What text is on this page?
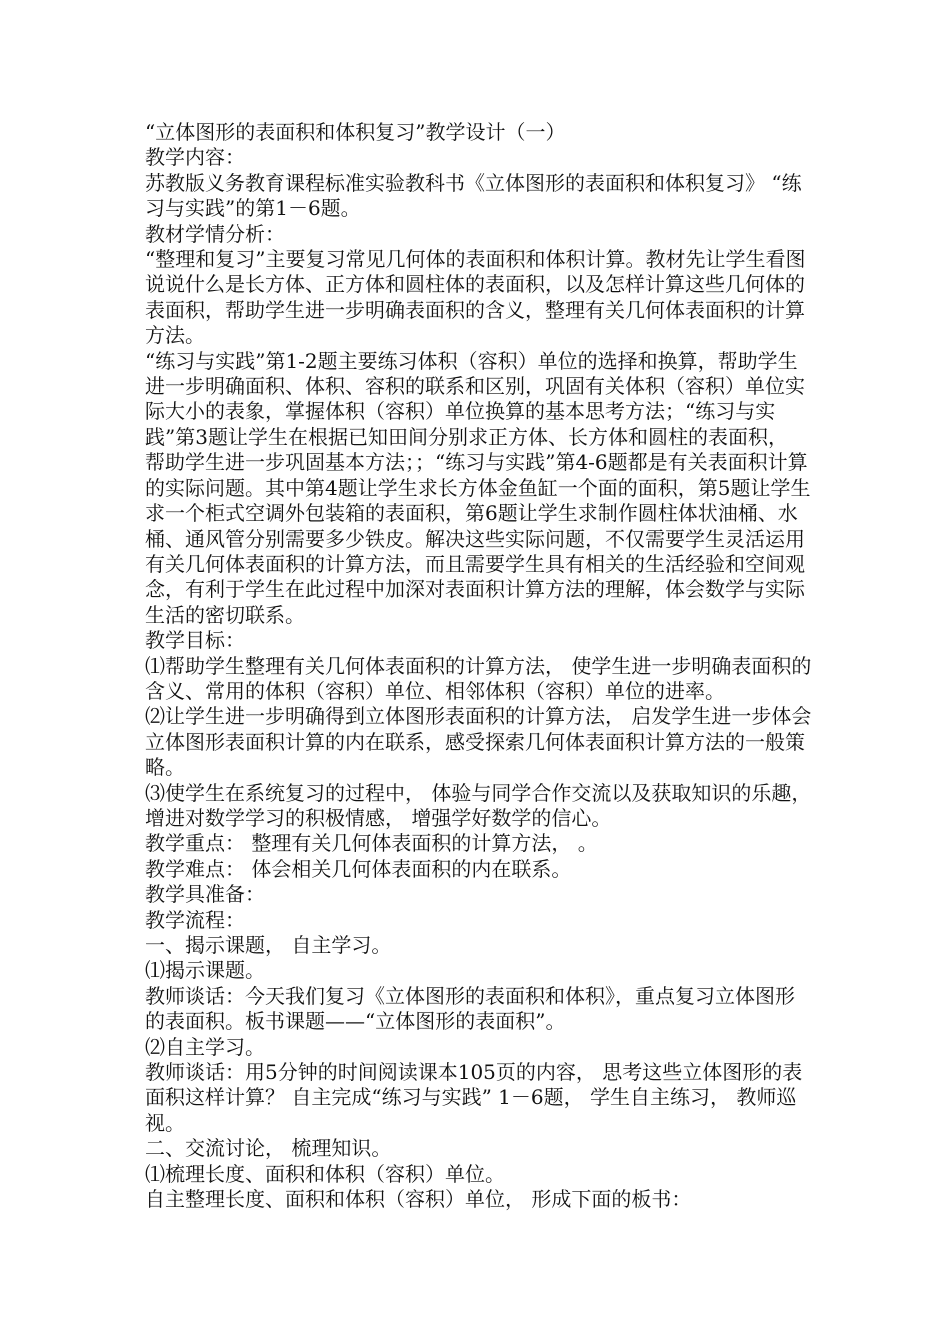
“立体图形的表面积和体积复习”教学设计（一）

教学内容：

苏教版义务教育课程标准实验教科书《立体图形的表面积和体积复习》 “练习与实践”的第1－6题。

教材学情分析：

“整理和复习”主要复习常见几何体的表面积和体积计算。教材先让学生看图说说什么是长方体、正方体和圆柱体的表面积，以及怎样计算这些几何体的表面积，帮助学生进一步明确表面积的含义，整理有关几何体表面积的计算方法。

“练习与实践”第1-2题主要练习体积（容积）单位的选择和换算，帮助学生进一步明确面积、体积、容积的联系和区别，巩固有关体积（容积）单位实际大小的表象，掌握体积（容积）单位换算的基本思考方法；“练习与实践”第3题让学生在根据已知田间分别求正方体、长方体和圆柱的表面积， 帮助学生进一步巩固基本方法；；“练习与实践”第4-6题都是有关表面积计算的实际问题。其中第4题让学生求长方体金鱼缸一个面的面积，第5题让学生求一个柜式空调外包装箱的表面积，第6题让学生求制作圆柱体状油桶、水桶、通风管分别需要多少铁皮。解决这些实际问题，不仅需要学生灵活运用有关几何体表面积的计算方法，而且需要学生具有相关的生活经验和空间观念，有利于学生在此过程中加深对表面积计算方法的理解，体会数学与实际生活的密切联系。

教学目标：

⑴帮助学生整理有关几何体表面积的计算方法， 使学生进一步明确表面积的含义、常用的体积（容积）单位、相邻体积（容积）单位的进率。

⑵让学生进一步明确得到立体图形表面积的计算方法， 启发学生进一步体会立体图形表面积计算的内在联系，感受探索几何体表面积计算方法的一般策略。

⑶使学生在系统复习的过程中， 体验与同学合作交流以及获取知识的乐趣， 增进对数学学习的积极情感， 增强学好数学的信心。

教学重点： 整理有关几何体表面积的计算方法， 。

教学难点： 体会相关几何体表面积的内在联系。

教学具准备：

教学流程：

一、揭示课题， 自主学习。

⑴揭示课题。

教师谈话：今天我们复习《立体图形的表面积和体积》，重点复习立体图形的表面积。板书课题——“立体图形的表面积”。

⑵自主学习。

教师谈话：用5分钟的时间阅读课本105页的内容， 思考这些立体图形的表面积这样计算？ 自主完成“练习与实践” 1－6题， 学生自主练习， 教师巡视。

二、交流讨论， 梳理知识。

⑴梳理长度、面积和体积（容积）单位。

自主整理长度、面积和体积（容积）单位， 形成下面的板书：
